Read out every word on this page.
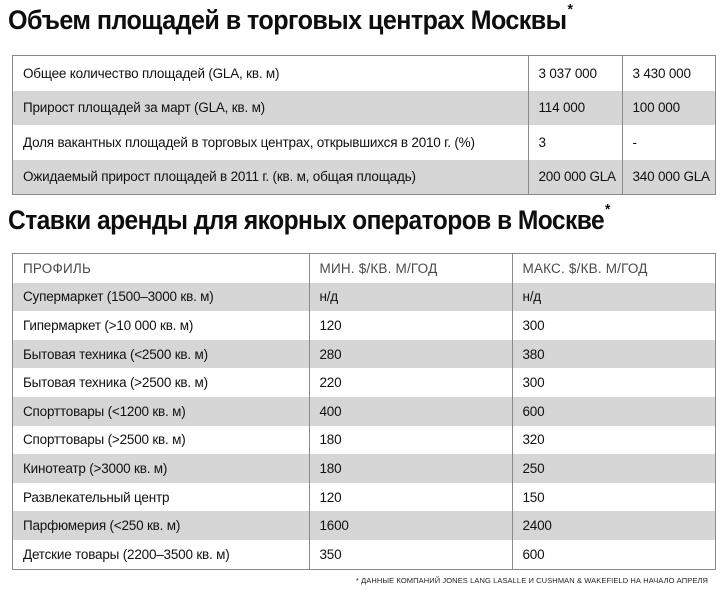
Объем площадей в торговых центрах Москвы*
Общее количество площадей (GLA, кв. м)	3 037 000	3 430 000
Прирост площадей за март (GLA, кв. м)	114 000	100 000
Доля вакантных площадей в торговых центрах, открывшихся в 2010 г. (%)	3	-
Ожидаемый прирост площадей в 2011 г. (кв. м, общая площадь)	200 000 GLA	340 000 GLA
Ставки аренды для якорных операторов в Москве*
ПРОФИЛЬ	МИН. $/КВ. М/ГОД	МАКС. $/КВ. М/ГОД
Супермаркет (1500–3000 кв. м)	н/д	н/д
Гипермаркет (>10 000 кв. м)	120	300
Бытовая техника (<2500 кв. м)	280	380
Бытовая техника (>2500 кв. м)	220	300
Спорттовары (<1200 кв. м)	400	600
Спорттовары (>2500 кв. м)	180	320
Кинотеатр (>3000 кв. м)	180	250
Развлекательный центр	120	150
Парфюмерия (<250 кв. м)	1600	2400
Детские товары (2200–3500 кв. м)	350	600
* ДАННЫЕ КОМПАНИЙ JONES LANG LASALLE И CUSHMAN & WAKEFIELD НА НАЧАЛО АПРЕЛЯ
